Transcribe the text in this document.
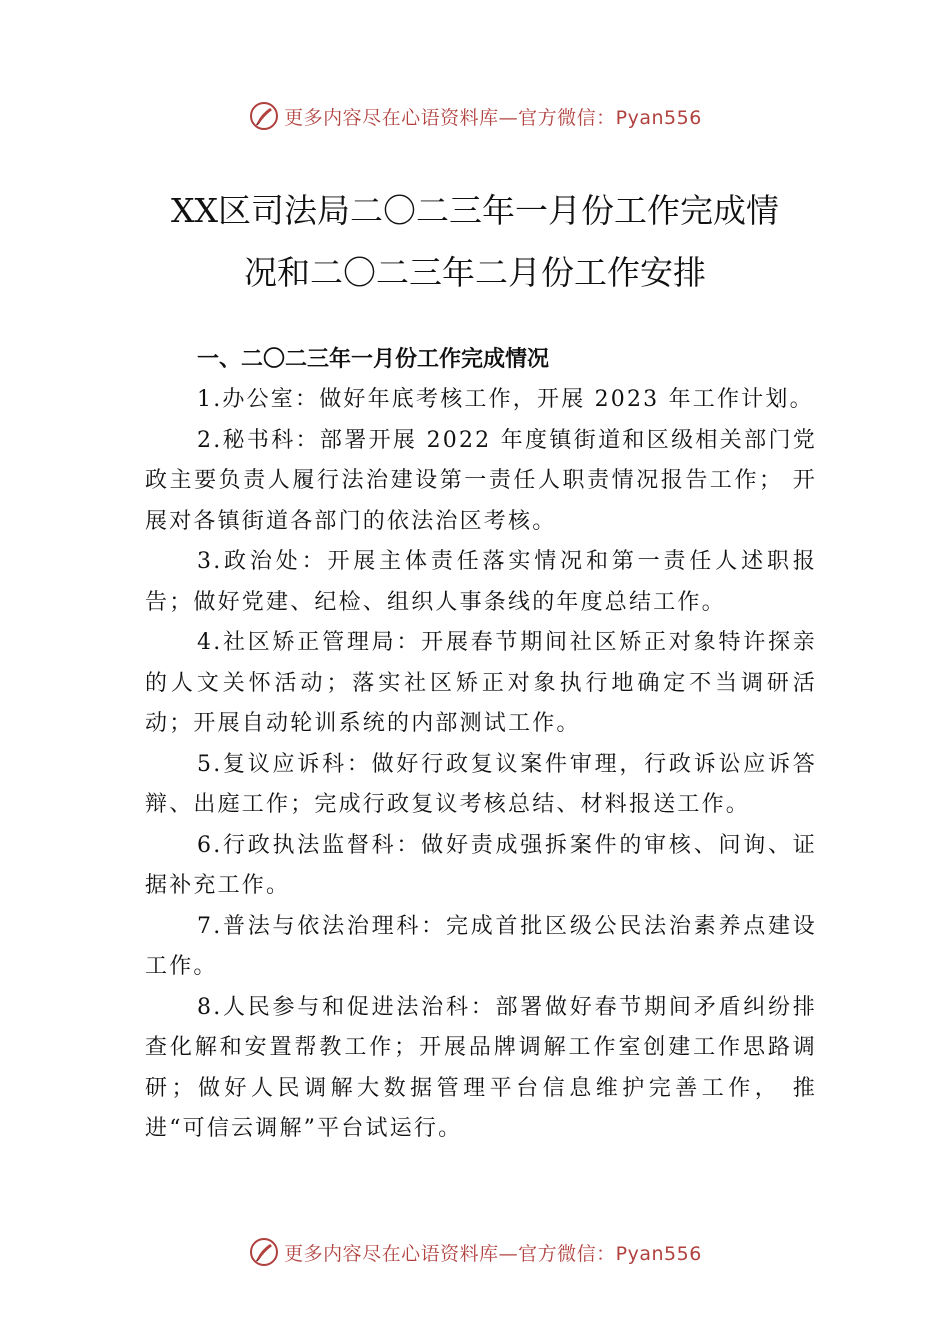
更多内容尽在心语资料库—官方微信：Pyan556
XX区司法局二〇二三年一月份工作完成情
况和二〇二三年二月份工作安排
一、二〇二三年一月份工作完成情况

1.办公室：做好年底考核工作，开展 2023 年工作计划。

2.秘书科：部署开展 2022 年度镇街道和区级相关部门党政主要负责人履行法治建设第一责任人职责情况报告工作； 开展对各镇街道各部门的依法治区考核。

3.政治处：开展主体责任落实情况和第一责任人述职报告；做好党建、纪检、组织人事条线的年度总结工作。

4.社区矫正管理局：开展春节期间社区矫正对象特许探亲的人文关怀活动；落实社区矫正对象执行地确定不当调研活动；开展自动轮训系统的内部测试工作。

5.复议应诉科：做好行政复议案件审理，行政诉讼应诉答辩、出庭工作；完成行政复议考核总结、材料报送工作。

6.行政执法监督科：做好责成强拆案件的审核、问询、证据补充工作。

7.普法与依法治理科：完成首批区级公民法治素养点建设工作。

8.人民参与和促进法治科：部署做好春节期间矛盾纠纷排查化解和安置帮教工作；开展品牌调解工作室创建工作思路调研；做好人民调解大数据管理平台信息维护完善工作， 推进“可信云调解”平台试运行。

更多内容尽在心语资料库—官方微信：Pyan556
